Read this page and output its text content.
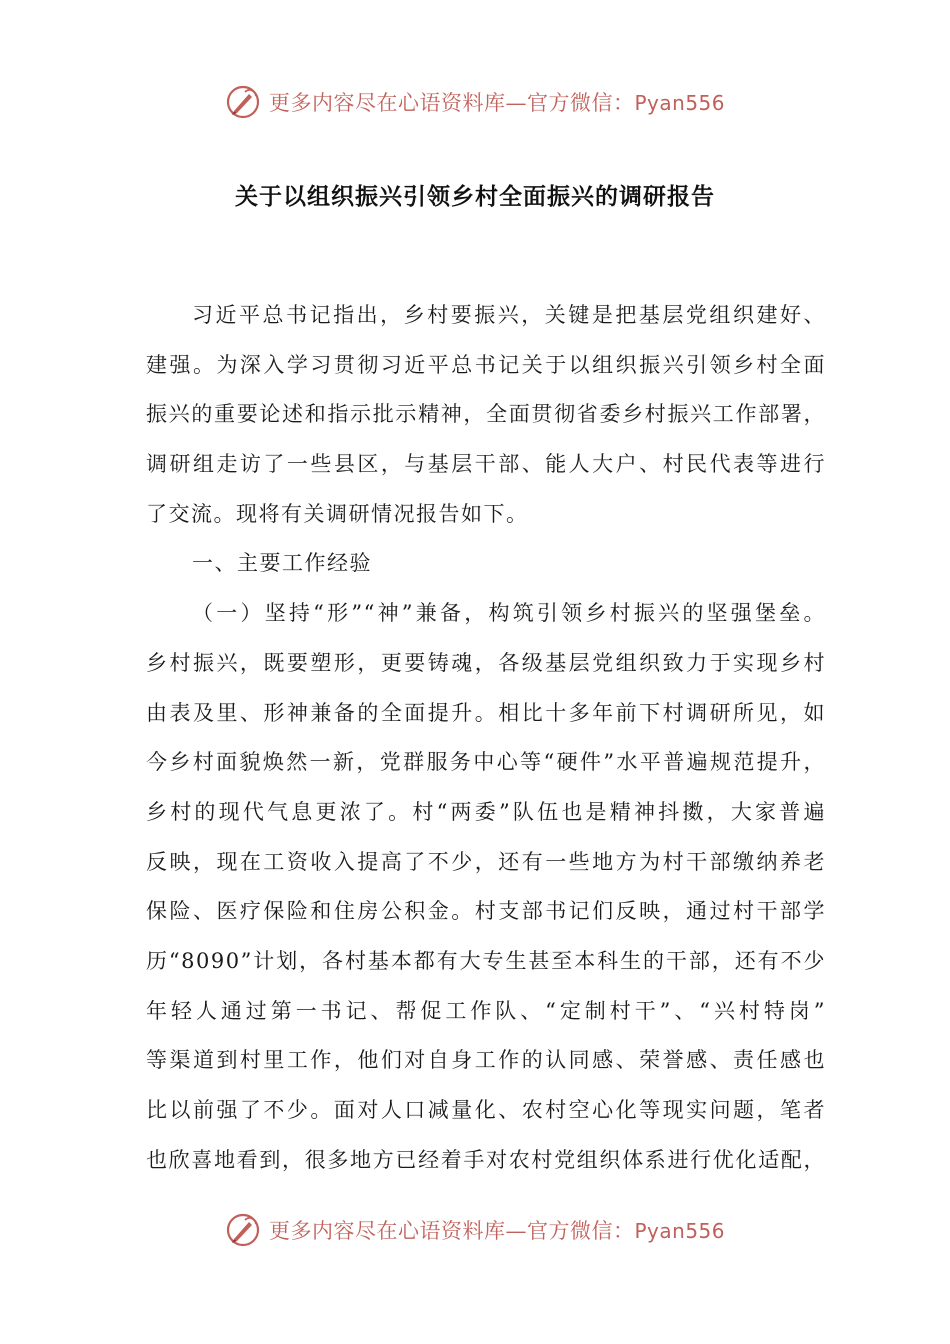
更多内容尽在心语资料库—官方微信：Pyan556
关于以组织振兴引领乡村全面振兴的调研报告
习近平总书记指出，乡村要振兴，关键是把基层党组织建好、
建强。为深入学习贯彻习近平总书记关于以组织振兴引领乡村全面
振兴的重要论述和指示批示精神，全面贯彻省委乡村振兴工作部署，
调研组走访了一些县区，与基层干部、能人大户、村民代表等进行
了交流。现将有关调研情况报告如下。
一、主要工作经验
（一）坚持“形”“神”兼备，构筑引领乡村振兴的坚强堡垒。
乡村振兴，既要塑形，更要铸魂，各级基层党组织致力于实现乡村
由表及里、形神兼备的全面提升。相比十多年前下村调研所见，如
今乡村面貌焕然一新，党群服务中心等“硬件”水平普遍规范提升，
乡村的现代气息更浓了。村“两委”队伍也是精神抖擞，大家普遍
反映，现在工资收入提高了不少，还有一些地方为村干部缴纳养老
保险、医疗保险和住房公积金。村支部书记们反映，通过村干部学
历“8090”计划，各村基本都有大专生甚至本科生的干部，还有不少
年轻人通过第一书记、帮促工作队、“定制村干”、“兴村特岗”
等渠道到村里工作，他们对自身工作的认同感、荣誉感、责任感也
比以前强了不少。面对人口减量化、农村空心化等现实问题，笔者
也欣喜地看到，很多地方已经着手对农村党组织体系进行优化适配，
更多内容尽在心语资料库—官方微信：Pyan556
